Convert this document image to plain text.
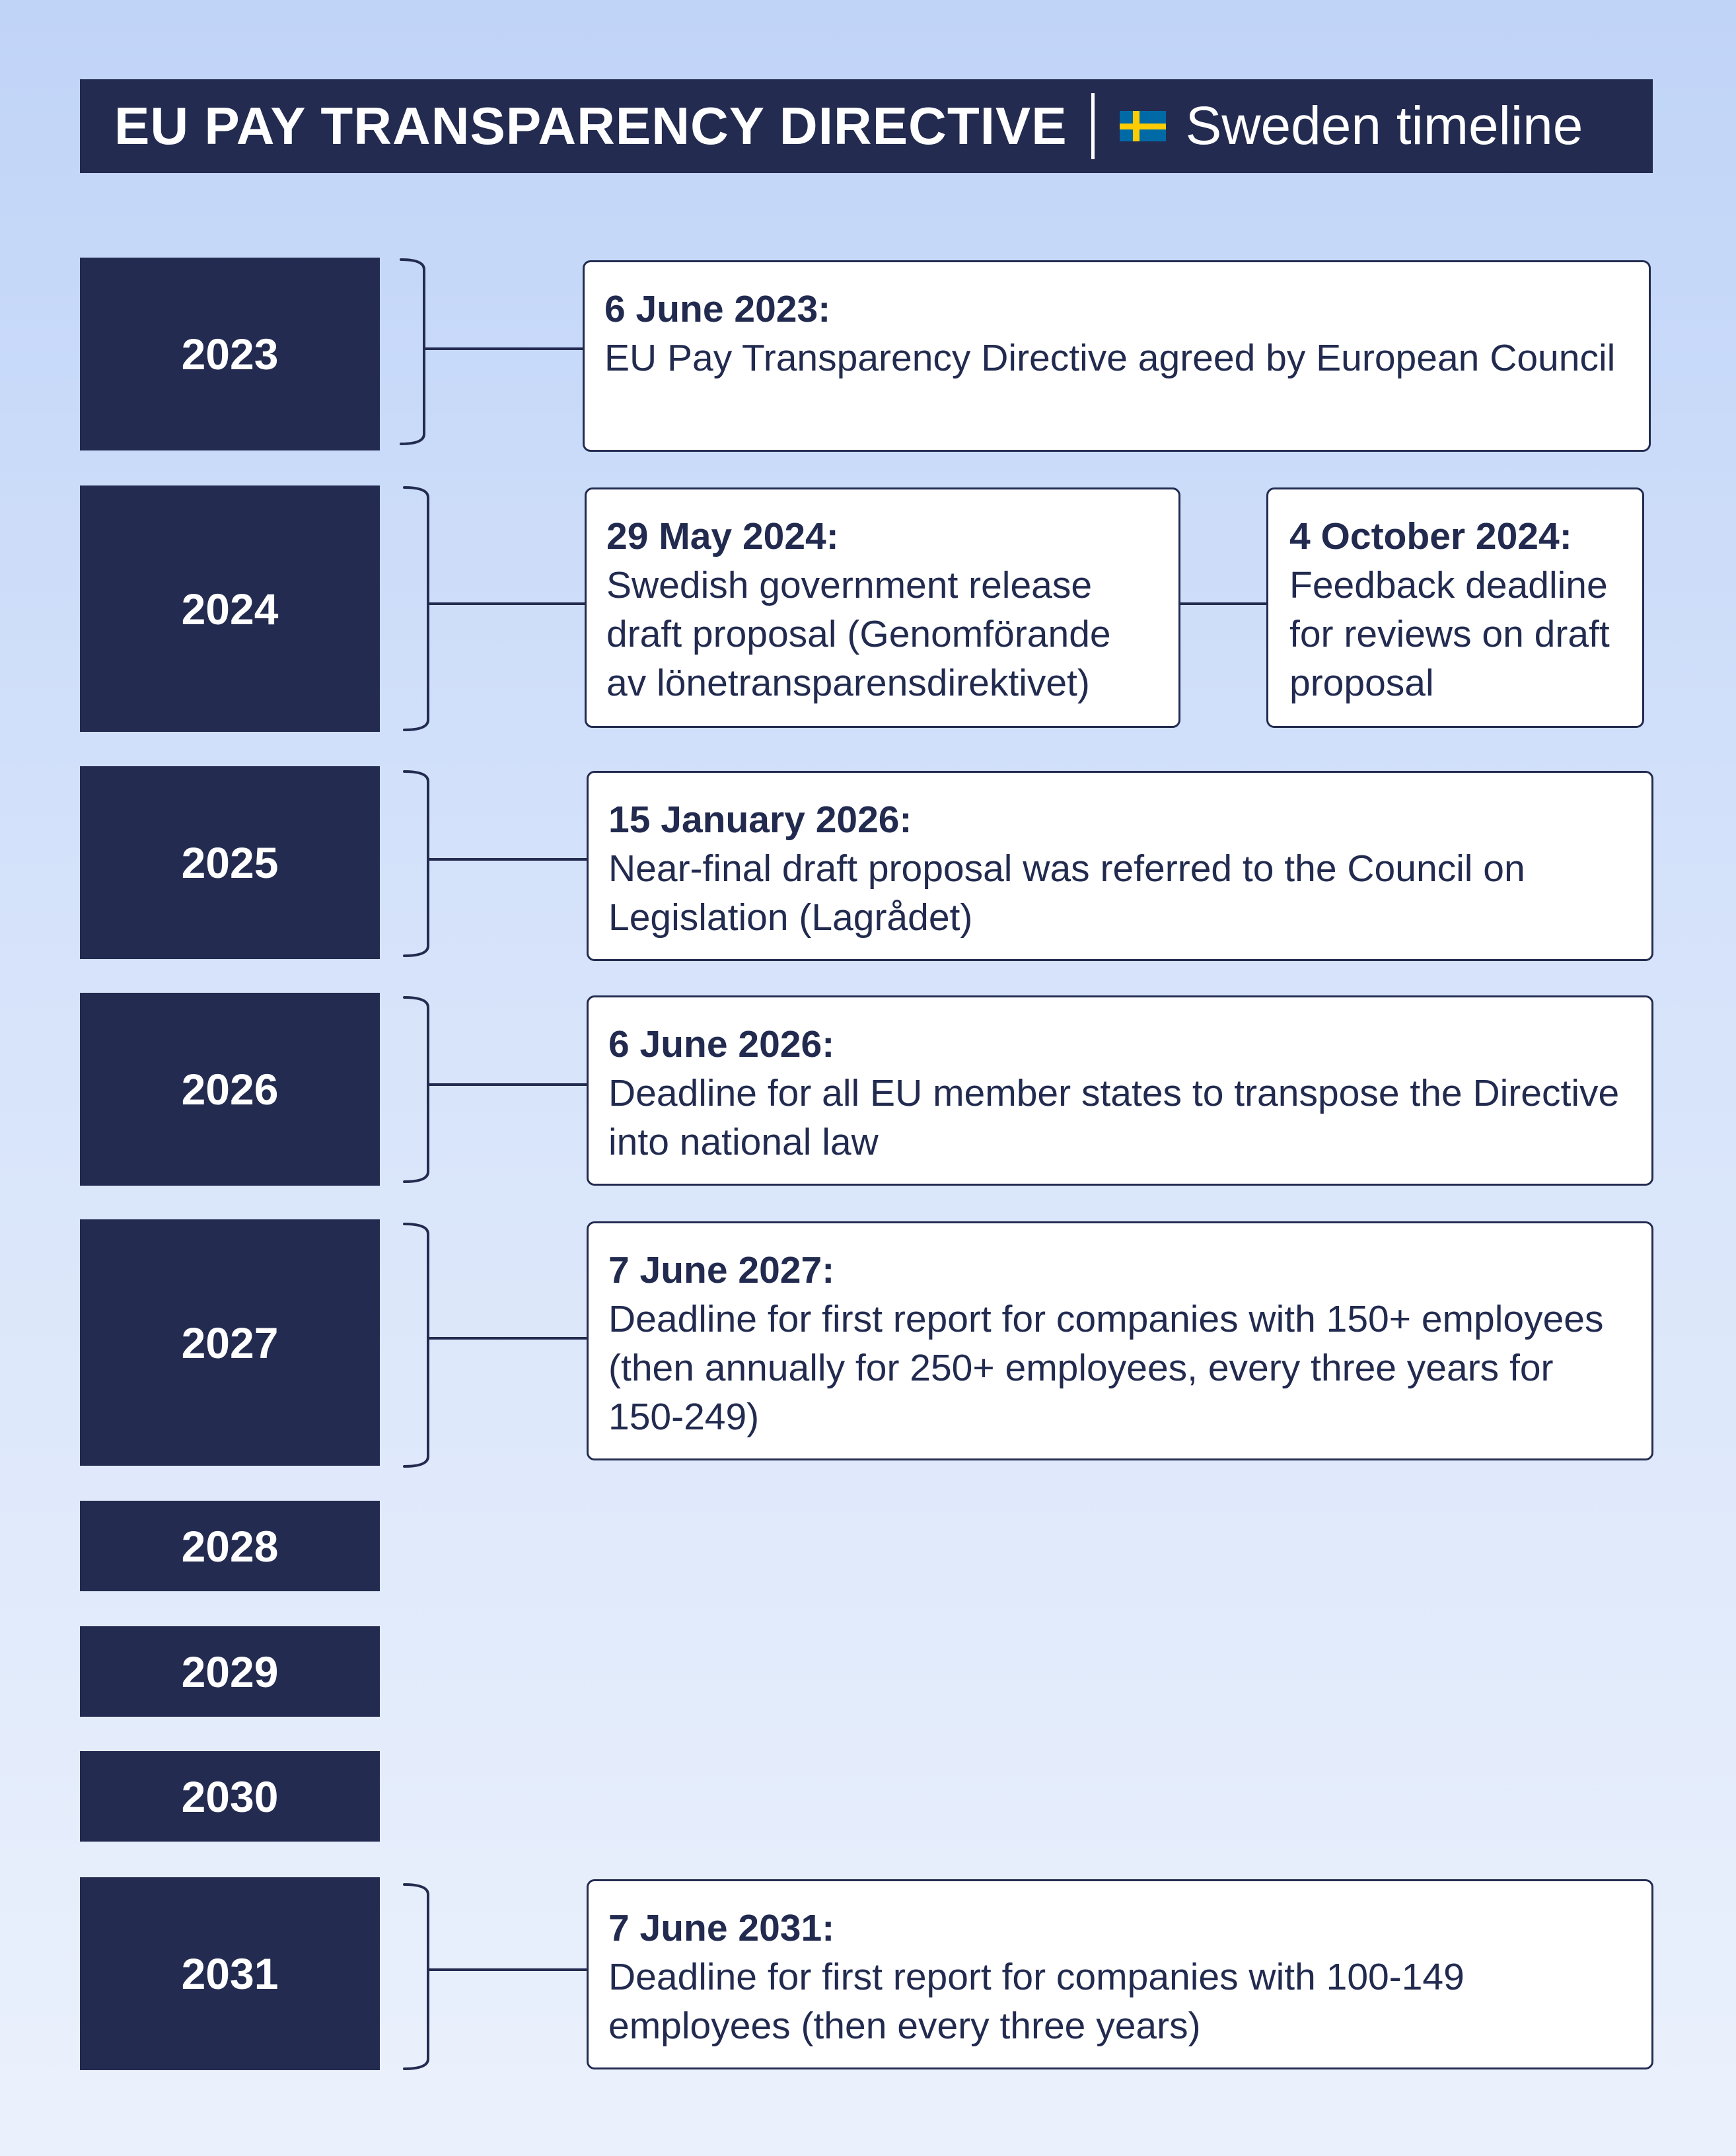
EU PAY TRANSPARENCY DIRECTIVE Sweden timeline
2023
2024
2025
2026
2027
2028
2029
2030
2031
6 June 2023:
EU Pay Transparency Directive agreed by European Council
29 May 2024:
Swedish government release draft proposal (Genomförande av lönetransparensdirektivet)
4 October 2024:
Feedback deadline for reviews on draft proposal
15 January 2026:
Near-final draft proposal was referred to the Council on Legislation (Lagrådet)
6 June 2026:
Deadline for all EU member states to transpose the Directive into national law
7 June 2027:
Deadline for first report for companies with 150+ employees (then annually for 250+ employees, every three years for 150-249)
7 June 2031:
Deadline for first report for companies with 100-149 employees (then every three years)
